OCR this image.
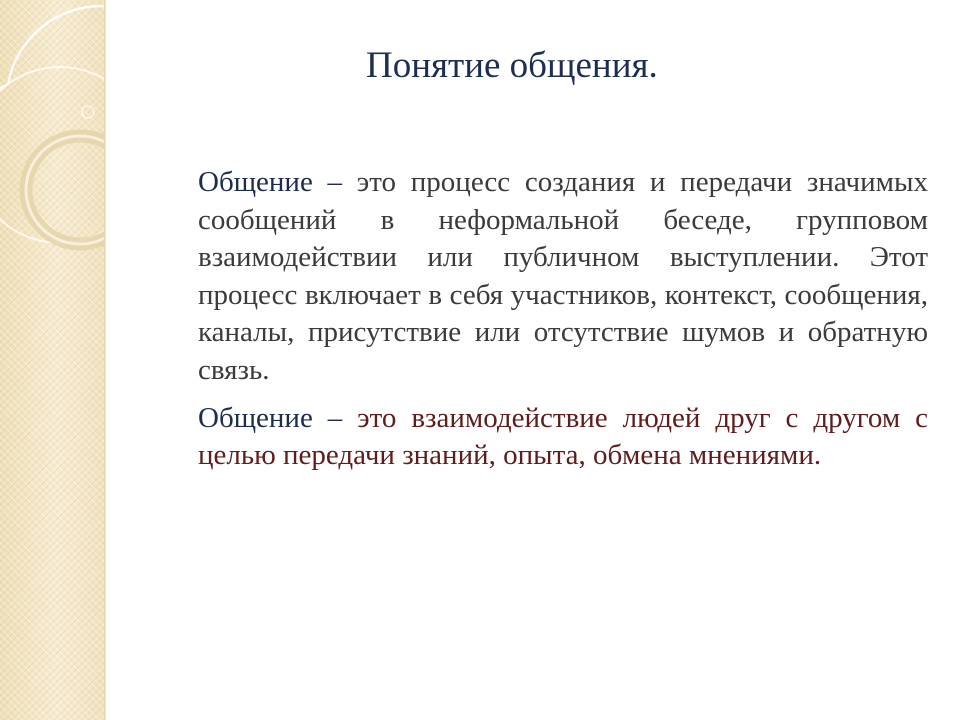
Понятие общения.

Общение – это процесс создания и передачи значимых сообщений в неформальной беседе, групповом взаимодействии или публичном выступлении. Этот процесс включает в себя участников, контекст, сообщения, каналы, присутствие или отсутствие шумов и обратную связь.

Общение – это взаимодействие людей друг с другом с целью передачи знаний, опыта, обмена мнениями.
